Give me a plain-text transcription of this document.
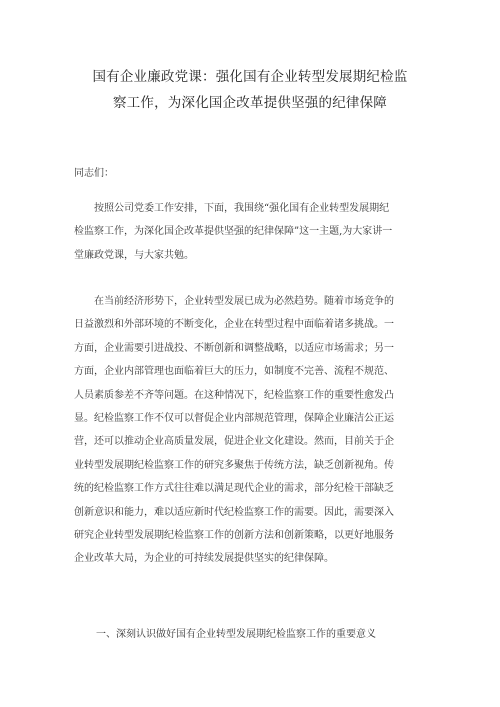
国有企业廉政党课：强化国有企业转型发展期纪检监
察工作，为深化国企改革提供坚强的纪律保障
同志们：
　　按照公司党委工作安排，下面，我围绕“强化国有企业转型发展期纪
检监察工作，为深化国企改革提供坚强的纪律保障”这一主题,为大家讲一
堂廉政党课，与大家共勉。
　　在当前经济形势下，企业转型发展已成为必然趋势。随着市场竞争的
日益激烈和外部环境的不断变化，企业在转型过程中面临着诸多挑战。一
方面，企业需要引进战投、不断创新和调整战略，以适应市场需求；另一
方面，企业内部管理也面临着巨大的压力，如制度不完善、流程不规范、
人员素质参差不齐等问题。在这种情况下，纪检监察工作的重要性愈发凸
显。纪检监察工作不仅可以督促企业内部规范管理，保障企业廉洁公正运
营，还可以推动企业高质量发展，促进企业文化建设。然而，目前关于企
业转型发展期纪检监察工作的研究多聚焦于传统方法，缺乏创新视角。传
统的纪检监察工作方式往往难以满足现代企业的需求，部分纪检干部缺乏
创新意识和能力，难以适应新时代纪检监察工作的需要。因此，需要深入
研究企业转型发展期纪检监察工作的创新方法和创新策略，以更好地服务
企业改革大局，为企业的可持续发展提供坚实的纪律保障。
一、深刻认识做好国有企业转型发展期纪检监察工作的重要意义
